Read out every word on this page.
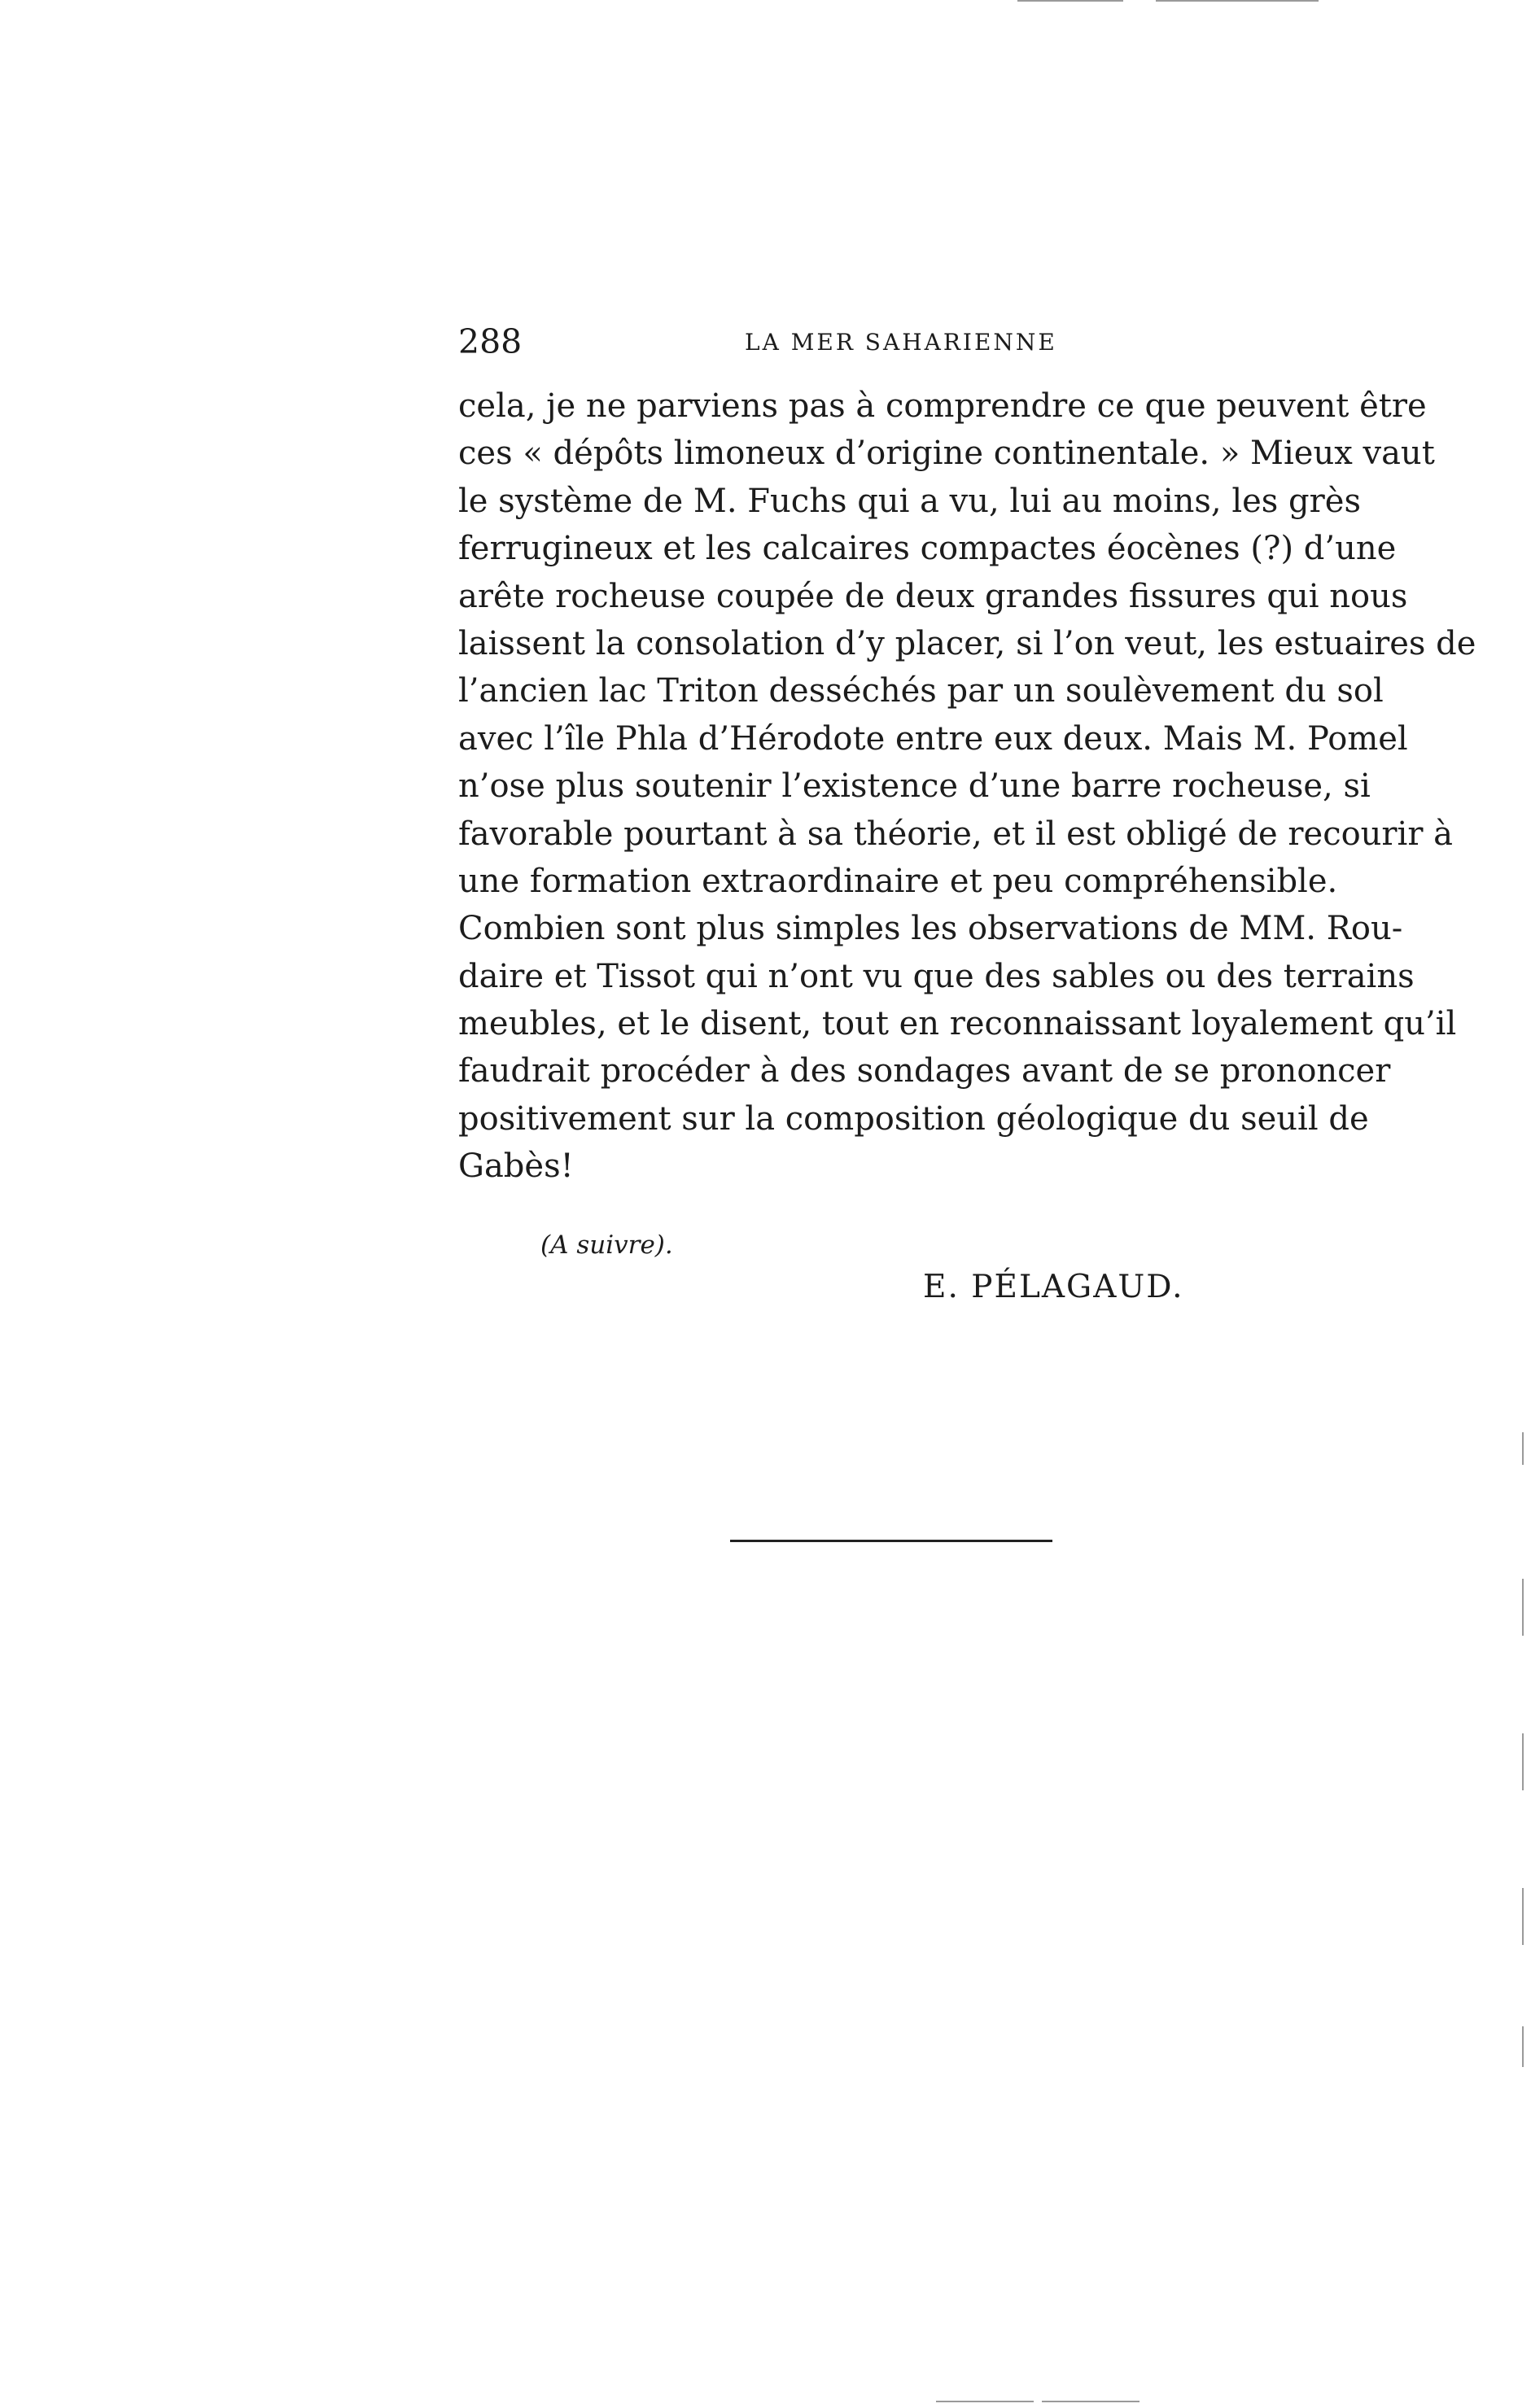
288	LA MER SAHARIENNE
cela, je ne parviens pas à comprendre ce que peuvent être
ces « dépôts limoneux d’origine continentale. » Mieux vaut
le système de M. Fuchs qui a vu, lui au moins, les grès
ferrugineux et les calcaires compactes éocènes (?) d’une
arête rocheuse coupée de deux grandes fissures qui nous
laissent la consolation d’y placer, si l’on veut, les estuaires de
l’ancien lac Triton desséchés par un soulèvement du sol
avec l’île Phla d’Hérodote entre eux deux. Mais M. Pomel
n’ose plus soutenir l’existence d’une barre rocheuse, si
favorable pourtant à sa théorie, et il est obligé de recourir à
une formation extraordinaire et peu compréhensible.
Combien sont plus simples les observations de MM. Rou-
daire et Tissot qui n’ont vu que des sables ou des terrains
meubles, et le disent, tout en reconnaissant loyalement qu’il
faudrait procéder à des sondages avant de se prononcer
positivement sur la composition géologique du seuil de
Gabès!
(A suivre).
E. PÉLAGAUD.
